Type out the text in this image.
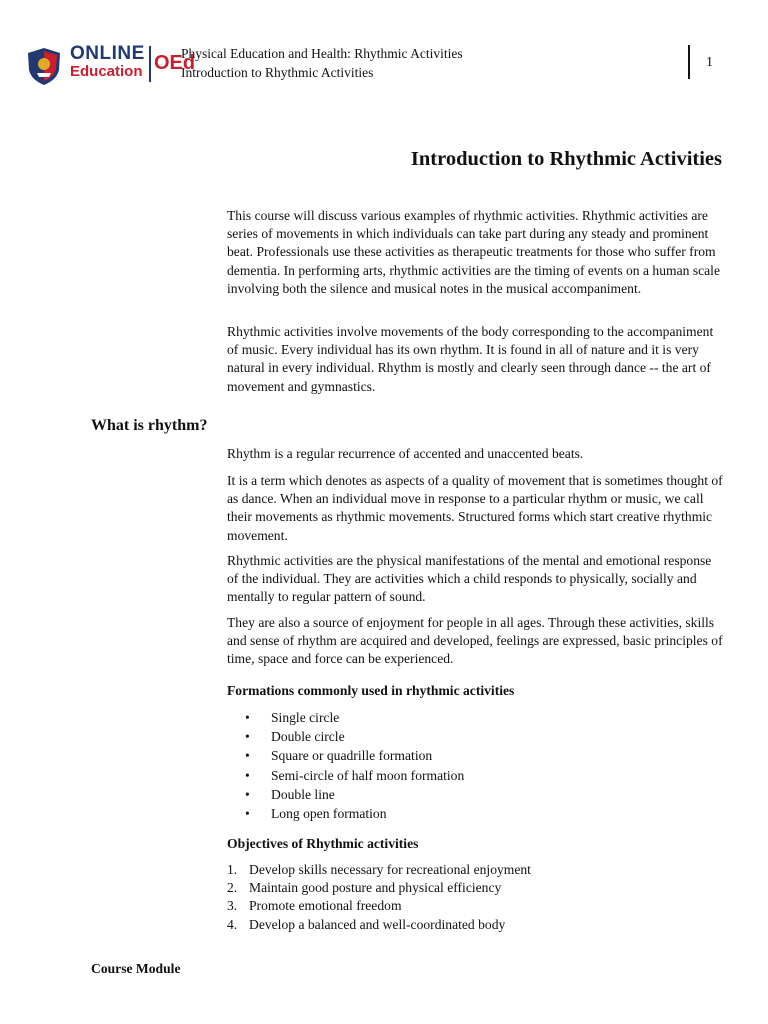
ONLINE
Education OEd
Physical Education and Health: Rhythmic Activities
Introduction to Rhythmic Activities
1
Introduction to Rhythmic Activities

This course will discuss various examples of rhythmic activities. Rhythmic activities are series of movements in which individuals can take part during any steady and prominent beat. Professionals use these activities as therapeutic treatments for those who suffer from dementia. In performing arts, rhythmic activities are the timing of events on a human scale involving both the silence and musical notes in the musical accompaniment.

Rhythmic activities involve movements of the body corresponding to the accompaniment of music. Every individual has its own rhythm. It is found in all of nature and it is very natural in every individual. Rhythm is mostly and clearly seen through dance -- the art of movement and gymnastics.

What is rhythm?

Rhythm is a regular recurrence of accented and unaccented beats.

It is a term which denotes as aspects of a quality of movement that is sometimes thought of as dance. When an individual move in response to a particular rhythm or music, we call their movements as rhythmic movements. Structured forms which start creative rhythmic movement.

Rhythmic activities are the physical manifestations of the mental and emotional response of the individual. They are activities which a child responds to physically, socially and mentally to regular pattern of sound.

They are also a source of enjoyment for people in all ages. Through these activities, skills and sense of rhythm are acquired and developed, feelings are expressed, basic principles of time, space and force can be experienced.

Formations commonly used in rhythmic activities
• Single circle
• Double circle
• Square or quadrille formation
• Semi-circle of half moon formation
• Double line
• Long open formation
Objectives of Rhythmic activities
1. Develop skills necessary for recreational enjoyment
2. Maintain good posture and physical efficiency
3. Promote emotional freedom
4. Develop a balanced and well-coordinated body
Course Module
